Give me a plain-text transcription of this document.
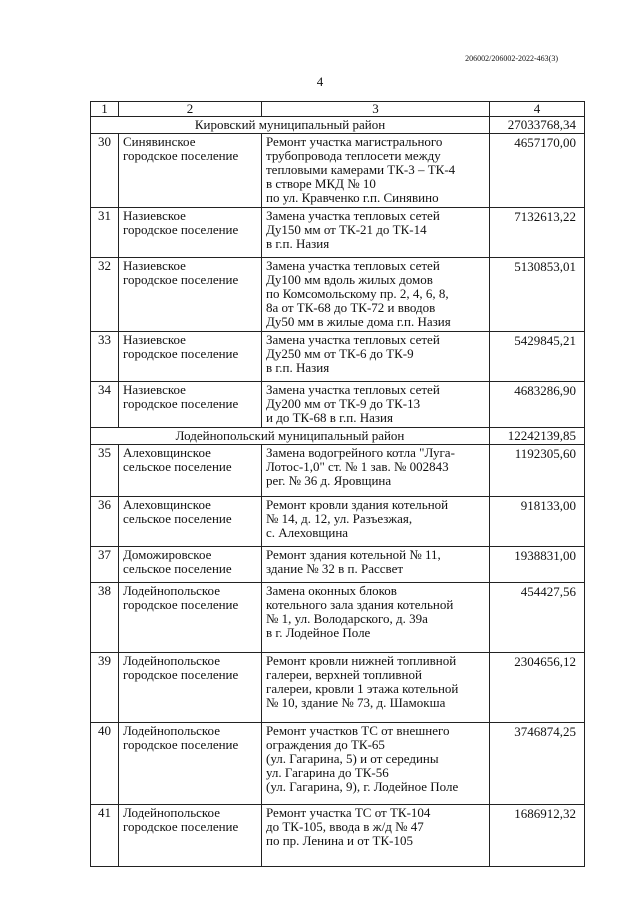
206002/206002-2022-463(3)
4
1	2	3	4
Кировский муниципальный район			27033768,34
30	Синявинское
городское поселение	Ремонт участка магистрального
трубопровода теплосети между
тепловыми камерами ТК-3 – ТК-4
в створе МКД № 10
по ул. Кравченко г.п. Синявино	4657170,00
31	Назиевское
городское поселение	Замена участка тепловых сетей
Ду150 мм от ТК-21 до ТК-14
в г.п. Назия	7132613,22
32	Назиевское
городское поселение	Замена участка тепловых сетей
Ду100 мм вдоль жилых домов
по Комсомольскому пр. 2, 4, 6, 8,
8а от ТК-68 до ТК-72 и вводов
Ду50 мм в жилые дома г.п. Назия	5130853,01
33	Назиевское
городское поселение	Замена участка тепловых сетей
Ду250 мм от ТК-6 до ТК-9
в г.п. Назия	5429845,21
34	Назиевское
городское поселение	Замена участка тепловых сетей
Ду200 мм от ТК-9 до ТК-13
и до ТК-68 в г.п. Назия	4683286,90
Лодейнопольский муниципальный район			12242139,85
35	Алеховщинское
сельское поселение	Замена водогрейного котла "Луга-
Лотос-1,0" ст. № 1 зав. № 002843
рег. № 36 д. Яровщина	1192305,60
36	Алеховщинское
сельское поселение	Ремонт кровли здания котельной
№ 14, д. 12, ул. Разъезжая,
с. Алеховщина	918133,00
37	Доможировское
сельское поселение	Ремонт здания котельной № 11,
здание № 32 в п. Рассвет	1938831,00
38	Лодейнопольское
городское поселение	Замена оконных блоков
котельного зала здания котельной
№ 1, ул. Володарского, д. 39а
в г. Лодейное Поле	454427,56
39	Лодейнопольское
городское поселение	Ремонт кровли нижней топливной
галереи, верхней топливной
галереи, кровли 1 этажа котельной
№ 10, здание № 73, д. Шамокша	2304656,12
40	Лодейнопольское
городское поселение	Ремонт участков ТС от внешнего
ограждения до ТК-65
(ул. Гагарина, 5) и от середины
ул. Гагарина до ТК-56
(ул. Гагарина, 9), г. Лодейное Поле	3746874,25
41	Лодейнопольское
городское поселение	Ремонт участка ТС от ТК-104
до ТК-105, ввода в ж/д № 47
по пр. Ленина и от ТК-105	1686912,32
